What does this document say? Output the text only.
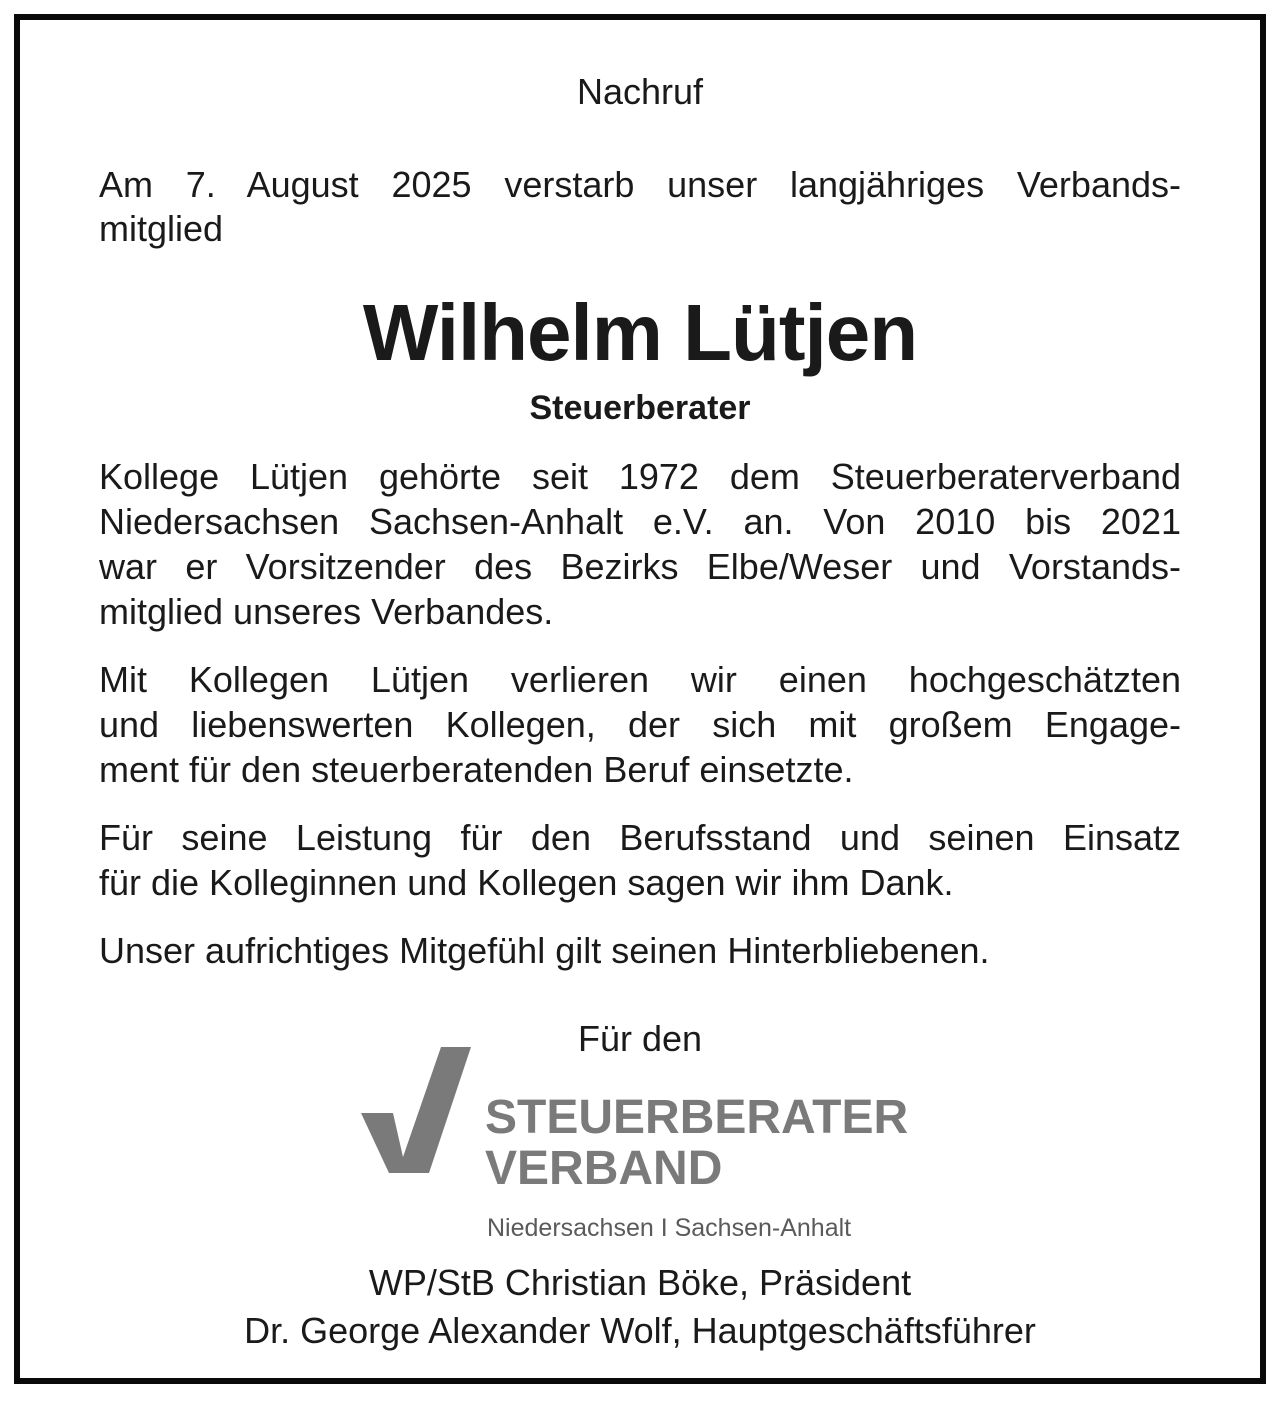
Nachruf
Am 7. August 2025 verstarb unser langjähriges Verbands-
mitglied
Wilhelm Lütjen
Steuerberater
Kollege Lütjen gehörte seit 1972 dem Steuerberaterverband
Niedersachsen Sachsen-Anhalt e.V. an. Von 2010 bis 2021
war er Vorsitzender des Bezirks Elbe/Weser und Vorstands-
mitglied unseres Verbandes.
Mit Kollegen Lütjen verlieren wir einen hochgeschätzten
und liebenswerten Kollegen, der sich mit großem Engage-
ment für den steuerberatenden Beruf einsetzte.
Für seine Leistung für den Berufsstand und seinen Einsatz
für die Kolleginnen und Kollegen sagen wir ihm Dank.
Unser aufrichtiges Mitgefühl gilt seinen Hinterbliebenen.
Für den
STEUERBERATER
VERBAND
Niedersachsen I Sachsen-Anhalt
WP/StB Christian Böke, Präsident
Dr. George Alexander Wolf, Hauptgeschäftsführer
